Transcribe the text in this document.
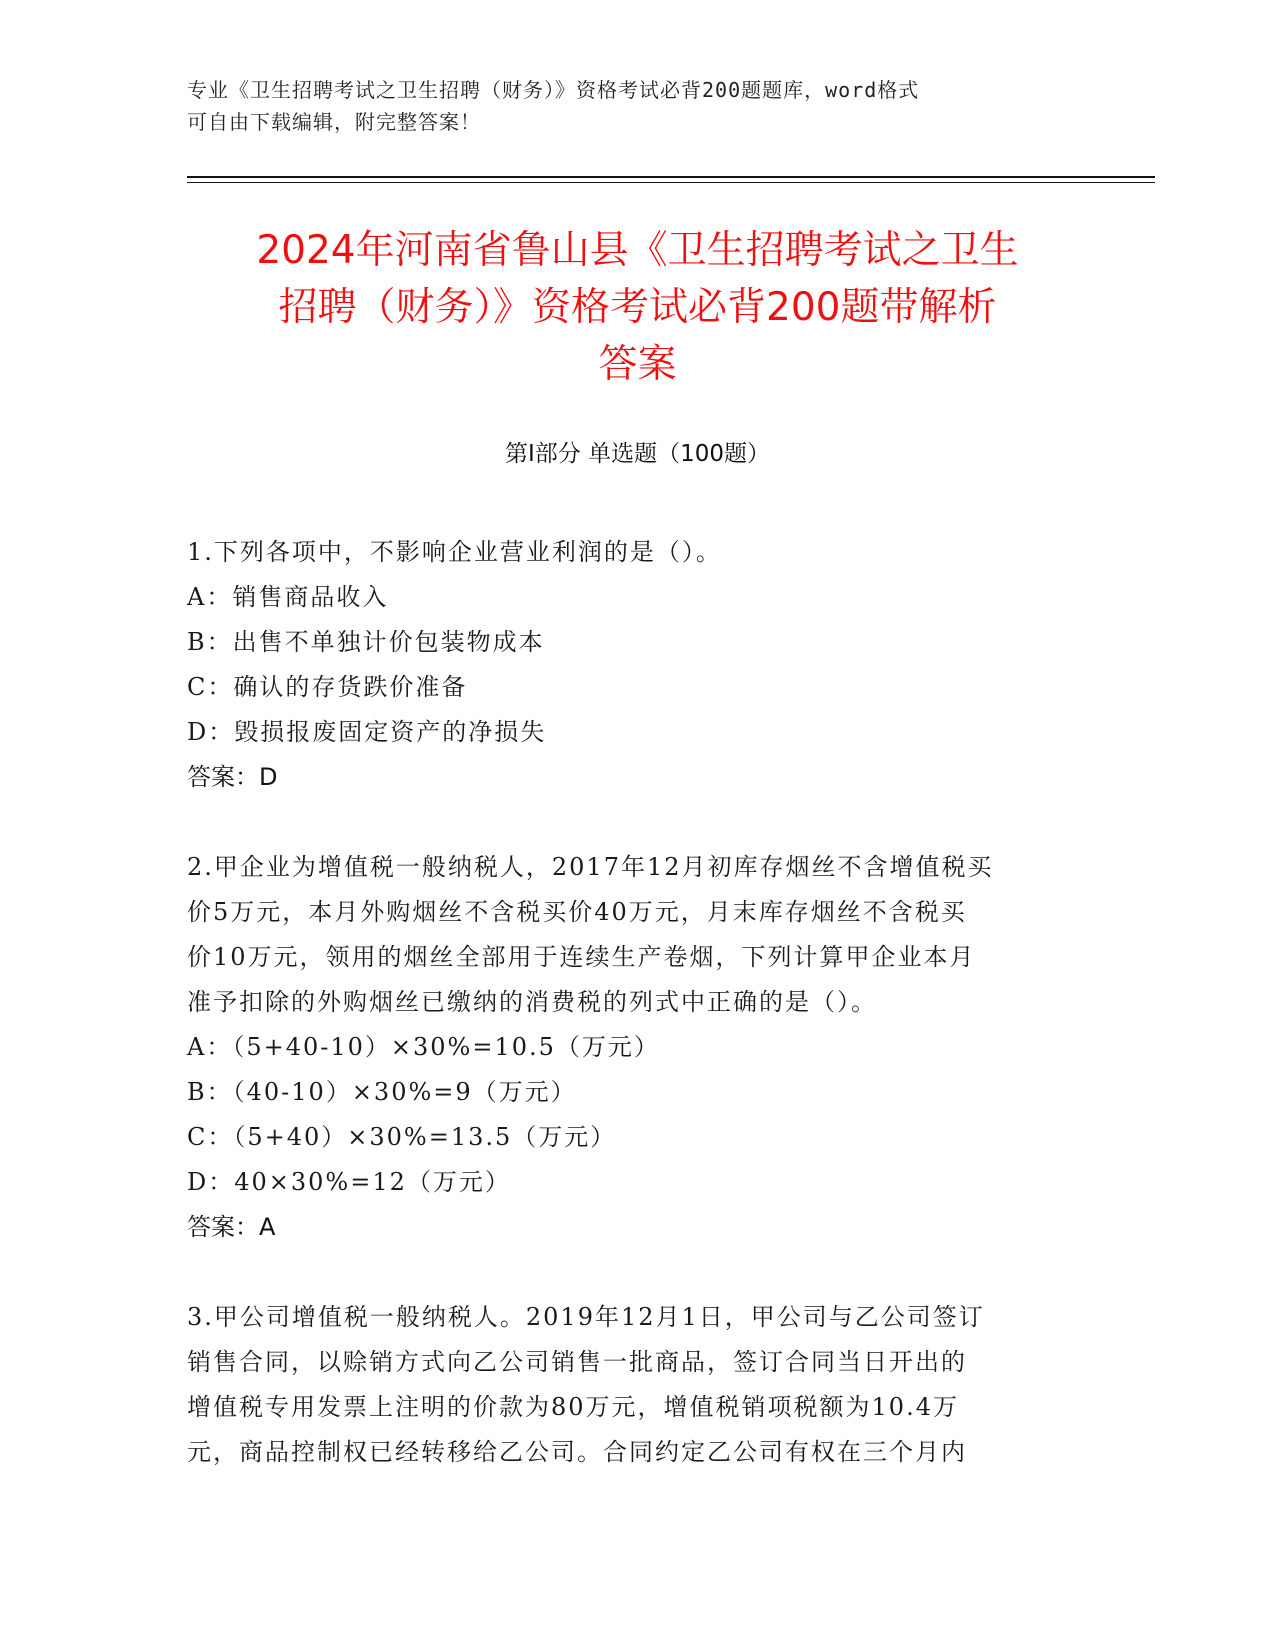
专业《卫生招聘考试之卫生招聘（财务）》资格考试必背200题题库，word格式
可自由下载编辑，附完整答案！
2024年河南省鲁山县《卫生招聘考试之卫生
招聘（财务）》资格考试必背200题带解析
答案
第Ⅰ部分 单选题（100题）
1.下列各项中，不影响企业营业利润的是（）。
A：销售商品收入
B：出售不单独计价包装物成本
C：确认的存货跌价准备
D：毁损报废固定资产的净损失
答案：D
2.甲企业为增值税一般纳税人，2017年12月初库存烟丝不含增值税买
价5万元，本月外购烟丝不含税买价40万元，月末库存烟丝不含税买
价10万元，领用的烟丝全部用于连续生产卷烟，下列计算甲企业本月
准予扣除的外购烟丝已缴纳的消费税的列式中正确的是（）。
A：（5+40-10）×30%=10.5（万元）
B：（40-10）×30%=9（万元）
C：（5+40）×30%=13.5（万元）
D：40×30%=12（万元）
答案：A
3.甲公司增值税一般纳税人。2019年12月1日，甲公司与乙公司签订
销售合同，以赊销方式向乙公司销售一批商品，签订合同当日开出的
增值税专用发票上注明的价款为80万元，增值税销项税额为10.4万
元，商品控制权已经转移给乙公司。合同约定乙公司有权在三个月内
